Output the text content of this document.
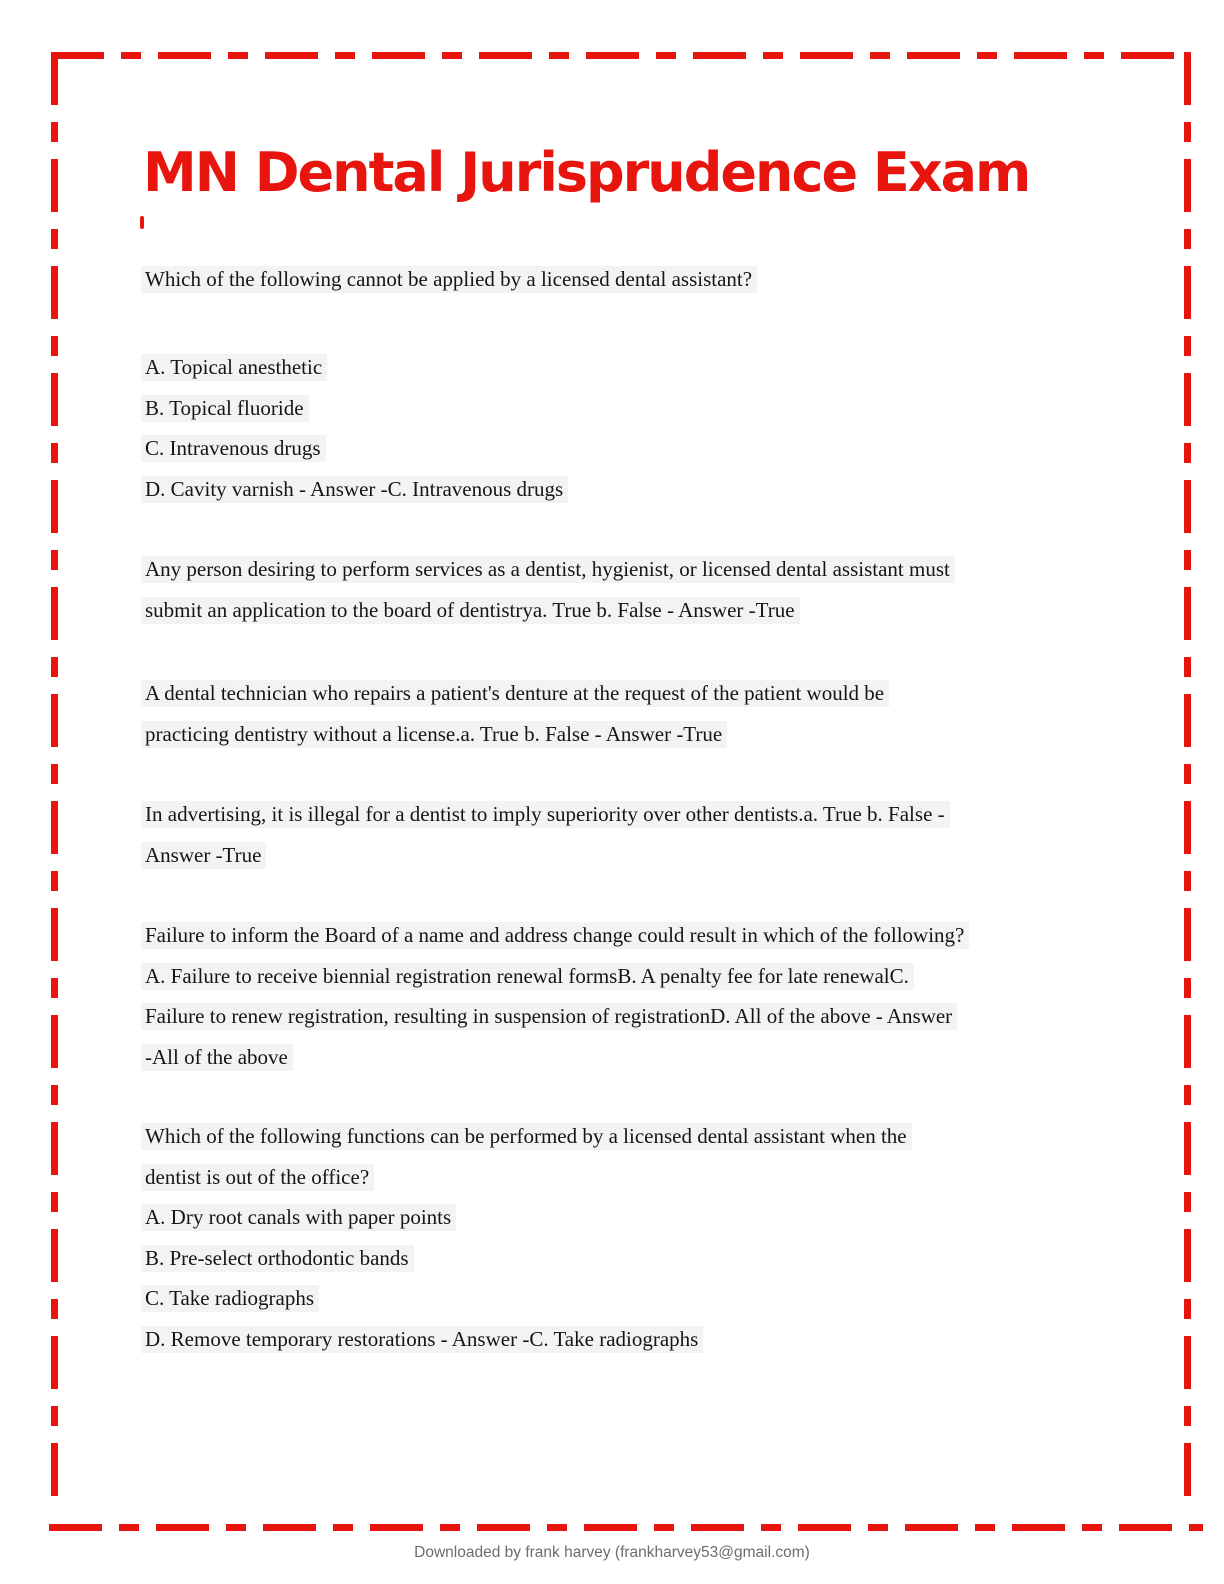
MN Dental Jurisprudence Exam
Which of the following cannot be applied by a licensed dental assistant?
A. Topical anesthetic
B. Topical fluoride
C. Intravenous drugs
D. Cavity varnish - Answer -C. Intravenous drugs
Any person desiring to perform services as a dentist, hygienist, or licensed dental assistant must
submit an application to the board of dentistrya. True b. False - Answer -True
A dental technician who repairs a patient's denture at the request of the patient would be
practicing dentistry without a license.a. True b. False - Answer -True
In advertising, it is illegal for a dentist to imply superiority over other dentists.a. True b. False -
Answer -True
Failure to inform the Board of a name and address change could result in which of the following?
A. Failure to receive biennial registration renewal formsB. A penalty fee for late renewalC.
Failure to renew registration, resulting in suspension of registrationD. All of the above - Answer
-All of the above
Which of the following functions can be performed by a licensed dental assistant when the
dentist is out of the office?
A. Dry root canals with paper points
B. Pre-select orthodontic bands
C. Take radiographs
D. Remove temporary restorations - Answer -C. Take radiographs
Downloaded by frank harvey (frankharvey53@gmail.com)
